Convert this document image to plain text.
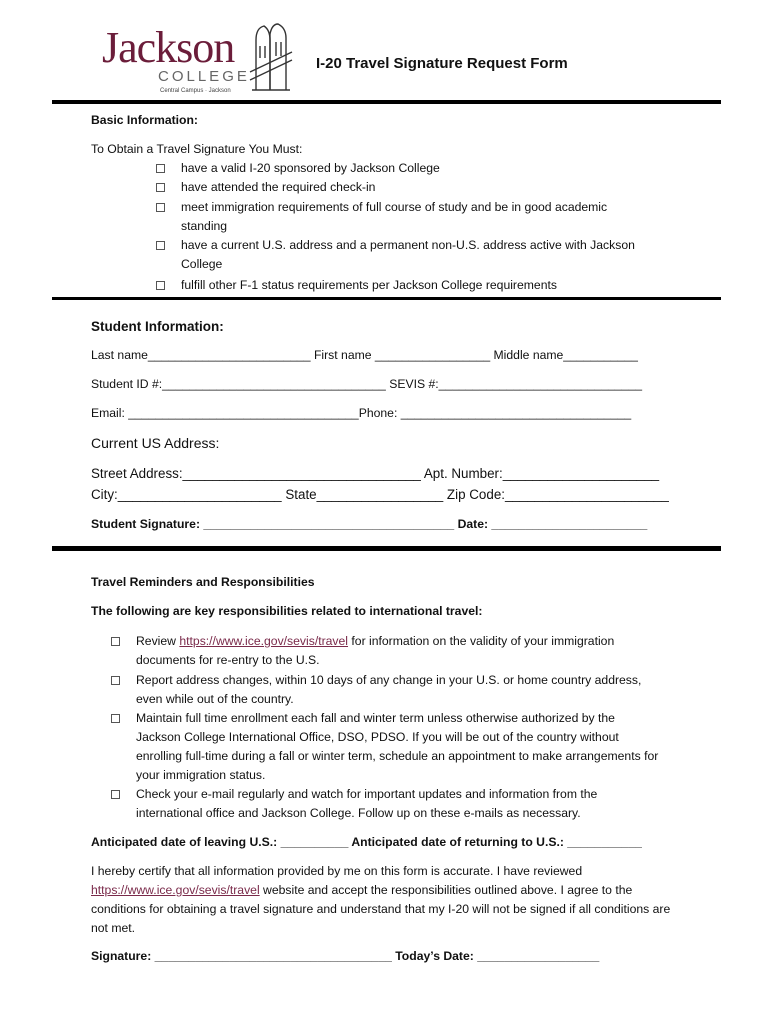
Jackson
COLLEGE
Central Campus · Jackson
I-20 Travel Signature Request Form
Basic Information:
To Obtain a Travel Signature You Must:
have a valid I-20 sponsored by Jackson College
have attended the required check-in
meet immigration requirements of full course of study and be in good academic standing
have a current U.S. address and a permanent non-U.S. address active with Jackson College
fulfill other F-1 status requirements per Jackson College requirements
Student Information:
Last name________________________ First name _________________ Middle name___________
Student ID #:_________________________________ SEVIS #:______________________________
Email: __________________________________Phone: __________________________________
Current US Address:
Street Address:________________________________ Apt. Number:_____________________
City:______________________ State_________________ Zip Code:______________________
Student Signature: _____________________________________ Date: _______________________
Travel Reminders and Responsibilities
The following are key responsibilities related to international travel:
Review https://www.ice.gov/sevis/travel for information on the validity of your immigration documents for re-entry to the U.S.
Report address changes, within 10 days of any change in your U.S. or home country address, even while out of the country.
Maintain full time enrollment each fall and winter term unless otherwise authorized by the Jackson College International Office, DSO, PDSO. If you will be out of the country without enrolling full-time during a fall or winter term, schedule an appointment to make arrangements for your immigration status.
Check your e-mail regularly and watch for important updates and information from the international office and Jackson College. Follow up on these e-mails as necessary.
Anticipated date of leaving U.S.: __________ Anticipated date of returning to U.S.: ___________
I hereby certify that all information provided by me on this form is accurate. I have reviewed https://www.ice.gov/sevis/travel website and accept the responsibilities outlined above. I agree to the conditions for obtaining a travel signature and understand that my I-20 will not be signed if all conditions are not met.
Signature: ___________________________________ Today’s Date: __________________
